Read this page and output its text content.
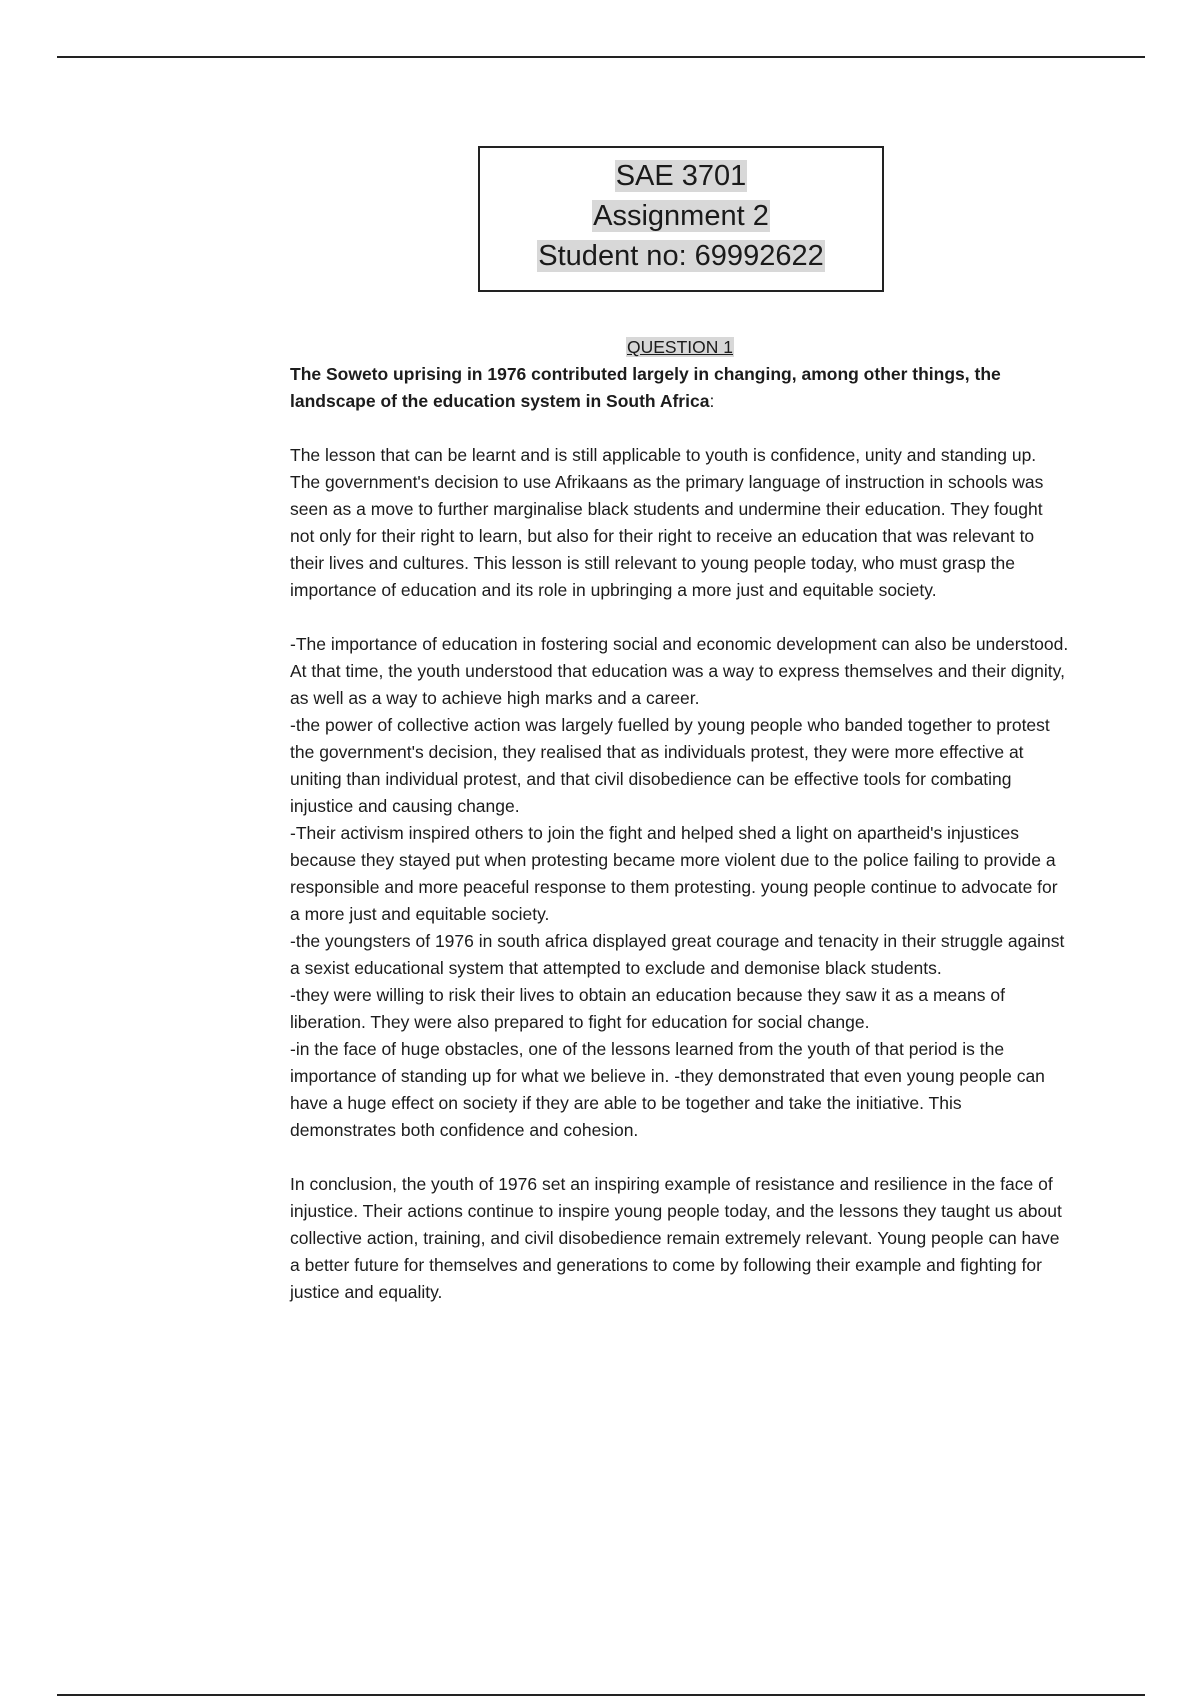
SAE 3701
Assignment 2
Student no: 69992622

QUESTION 1

The Soweto uprising in 1976 contributed largely in changing, among other things, the landscape of the education system in South Africa:

The lesson that can be learnt and is still applicable to youth is confidence, unity and standing up.

The government's decision to use Afrikaans as the primary language of instruction in schools was seen as a move to further marginalise black students and undermine their education. They fought not only for their right to learn, but also for their right to receive an education that was relevant to their lives and cultures. This lesson is still relevant to young people today, who must grasp the importance of education and its role in upbringing a more just and equitable society.

-The importance of education in fostering social and economic development can also be understood. At that time, the youth understood that education was a way to express themselves and their dignity, as well as a way to achieve high marks and a career.

-the power of collective action was largely fuelled by young people who banded together to protest the government's decision, they realised that as individuals protest, they were more effective at uniting than individual protest, and that civil disobedience can be effective tools for combating injustice and causing change.

-Their activism inspired others to join the fight and helped shed a light on apartheid's injustices because they stayed put when protesting became more violent due to the police failing to provide a responsible and more peaceful response to them protesting. young people continue to advocate for a more just and equitable society.

-the youngsters of 1976 in south africa displayed great courage and tenacity in their struggle against a sexist educational system that attempted to exclude and demonise black students.

-they were willing to risk their lives to obtain an education because they saw it as a means of liberation. They were also prepared to fight for education for social change.

-in the face of huge obstacles, one of the lessons learned from the youth of that period is the importance of standing up for what we believe in. -they demonstrated that even young people can have a huge effect on society if they are able to be together and take the initiative. This demonstrates both confidence and cohesion.

In conclusion, the youth of 1976 set an inspiring example of resistance and resilience in the face of injustice. Their actions continue to inspire young people today, and the lessons they taught us about collective action, training, and civil disobedience remain extremely relevant. Young people can have a better future for themselves and generations to come by following their example and fighting for justice and equality.
